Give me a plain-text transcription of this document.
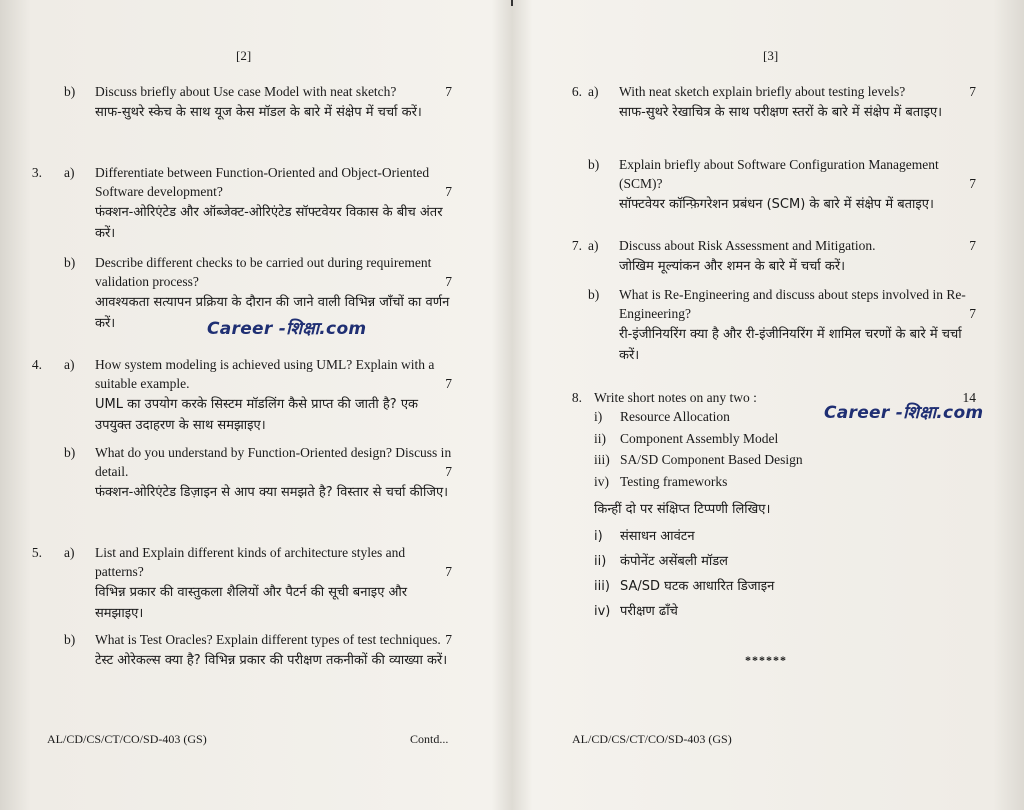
[2]
b)	Discuss briefly about Use case Model with neat sketch?	7
साफ-सुथरे स्केच के साथ यूज केस मॉडल के बारे में संक्षेप में चर्चा करें।
3. a)	Differentiate between Function-Oriented and Object-Oriented Software development?	7
फंक्शन-ओरिएंटेड और ऑब्जेक्ट-ओरिएंटेड सॉफ्टवेयर विकास के बीच अंतर करें।
b)	Describe different checks to be carried out during requirement validation process?	7
आवश्यकता सत्यापन प्रक्रिया के दौरान की जाने वाली विभिन्न जाँचों का वर्णन करें।
4. a)	How system modeling is achieved using UML? Explain with a suitable example.	7
UML का उपयोग करके सिस्टम मॉडलिंग कैसे प्राप्त की जाती है? एक उपयुक्त उदाहरण के साथ समझाइए।
b)	What do you understand by Function-Oriented design? Discuss in detail.	7
फंक्शन-ओरिएंटेड डिज़ाइन से आप क्या समझते है? विस्तार से चर्चा कीजिए।
5. a)	List and Explain different kinds of architecture styles and patterns?	7
विभिन्न प्रकार की वास्तुकला शैलियों और पैटर्न की सूची बनाइए और समझाइए।
b)	What is Test Oracles? Explain different types of test techniques. 7
टेस्ट ओरेकल्स क्या है? विभिन्न प्रकार की परीक्षण तकनीकों की व्याख्या करें।
Career -शिक्षा.com
AL/CD/CS/CT/CO/SD-403 (GS)	Contd...
[3]
6. a)	With neat sketch explain briefly about testing levels?	7
साफ-सुथरे रेखाचित्र के साथ परीक्षण स्तरों के बारे में संक्षेप में बताइए।
b)	Explain briefly about Software Configuration Management (SCM)?	7
सॉफ्टवेयर कॉन्फ़िगरेशन प्रबंधन (SCM) के बारे में संक्षेप में बताइए।
7. a)	Discuss about Risk Assessment and Mitigation.	7
जोखिम मूल्यांकन और शमन के बारे में चर्चा करें।
b)	What is Re-Engineering and discuss about steps involved in Re-Engineering?	7
री-इंजीनियरिंग क्या है और री-इंजीनियरिंग में शामिल चरणों के बारे में चर्चा करें।
8. Write short notes on any two :	14
i) Resource Allocation
ii) Component Assembly Model
iii) SA/SD Component Based Design
iv) Testing frameworks
किन्हीं दो पर संक्षिप्त टिप्पणी लिखिए।
i) संसाधन आवंटन
ii) कंपोनेंट असेंबली मॉडल
iii) SA/SD घटक आधारित डिजाइन
iv) परीक्षण ढाँचे
Career -शिक्षा.com
******
AL/CD/CS/CT/CO/SD-403 (GS)
